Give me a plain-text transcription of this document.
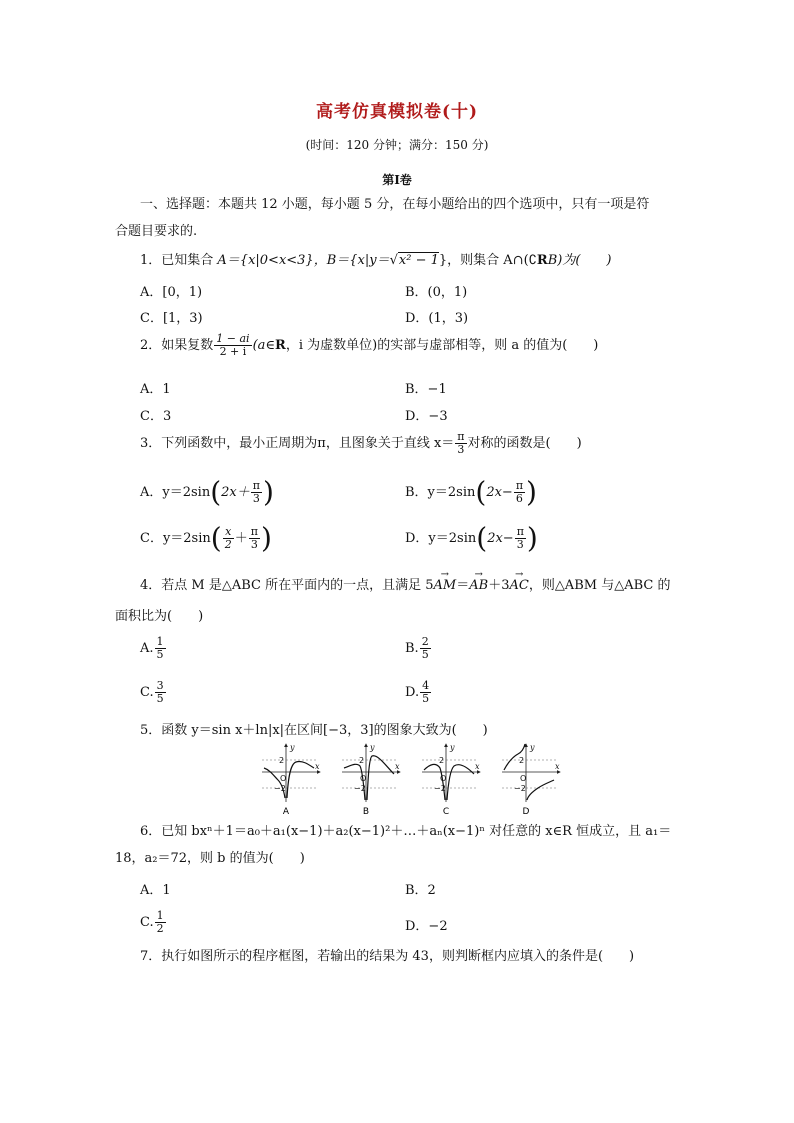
高考仿真模拟卷(十)
(时间：120 分钟；满分：150 分)
第Ⅰ卷
一、选择题：本题共 12 小题，每小题 5 分，在每小题给出的四个选项中，只有一项是符
合题目要求的.
1．已知集合 A＝{x|0<x<3}，B＝{x|y＝√x² − 1}，则集合 A∩(∁RB)为(　　)
A．[0，1)	B．(0，1)
C．[1，3)	D．(1，3)
2．如果复数 $\frac{1 - ai}{2 + i}$ (a∈R，i 为虚数单位)的实部与虚部相等，则 a 的值为(　　)
A．1	B．−1
C．3	D．−3
3．下列函数中，最小正周期为π，且图象关于直线 $x= \frac{\pi}{3}$ 对称的函数是(　　)
A．$y=2\sin(2x+ \frac{\pi}{3}$ )	B．$y=2\sin(2x- \frac{\pi}{6}$ )
C．$y=2\sin( \frac{x}{2} + \frac{\pi}{3}$ )	D．$y=2\sin(2x- \frac{\pi}{3}$ )
4．若点 M 是△ABC 所在平面内的一点，且满足 5→ AM＝→ AB＋3→ AC，则△ABM 与△ABC 的
面积比为(　　)
A. $\frac{1}{5}$	B. $\frac{2}{5}$
C. $\frac{3}{5}$	D. $\frac{4}{5}$
5．函数 y＝sin x＋ln|x|在区间[−3，3]的图象大致为(　　)
y
x
2
−2
O
A
y
x
2
−2
O
B
y
x
2
−2
O
C
y
x
2
−2
O
D
6．已知 bxⁿ＋1＝a₀＋a₁(x−1)＋a₂(x−1)²＋…＋aₙ(x−1)ⁿ 对任意的 x∈R 恒成立，且 a₁＝
18，a₂＝72，则 b 的值为(　　)
A．1	B．2
C. $\frac{1}{2}$	D．−2
7．执行如图所示的程序框图，若输出的结果为 43，则判断框内应填入的条件是(　　)
